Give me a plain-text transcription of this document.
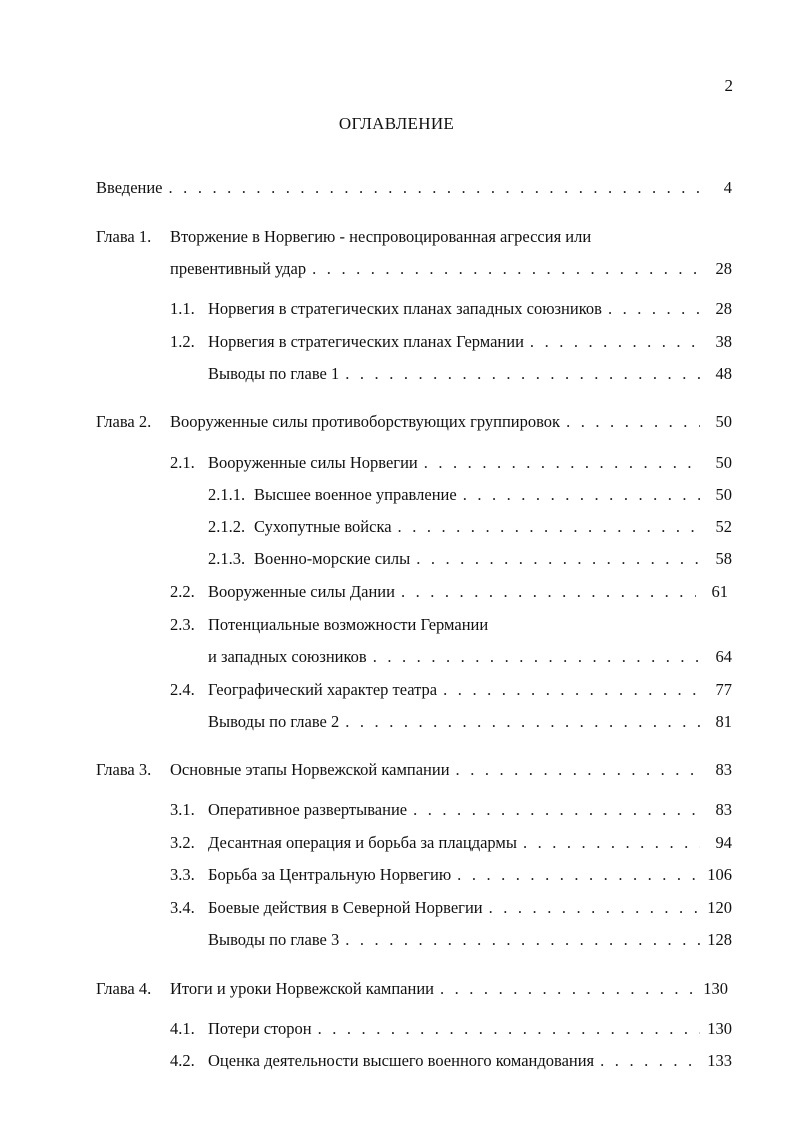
2
ОГЛАВЛЕНИЕ
Введение . . .	4
Глава 1.	Вторжение в Норвегию - неспровоцированная агрессия или
превентивный удар . . .	28
1.1. Норвегия в стратегических планах западных союзников . . .	28
1.2. Норвегия в стратегических планах Германии . . .	38
Выводы по главе 1 . . .	48
Глава 2.	Вооруженные силы противоборствующих группировок . . .	50
2.1. Вооруженные силы Норвегии . . .	50
2.1.1. Высшее военное управление . . .	50
2.1.2. Сухопутные войска . . .	52
2.1.3. Военно-морские силы . . .	58
2.2. Вооруженные силы Дании . . .	61
2.3. Потенциальные возможности Германии
и западных союзников . . .	64
2.4. Географический характер театра . . .	77
Выводы по главе 2 . . .	81
Глава 3.	Основные этапы Норвежской кампании . . .	83
3.1. Оперативное развертывание . . .	83
3.2. Десантная операция и борьба за плацдармы . . .	94
3.3. Борьба за Центральную Норвегию . . .	106
3.4. Боевые действия в Северной Норвегии . . .	120
Выводы по главе 3 . . .	128
Глава 4.	Итоги и уроки Норвежской кампании . . .	130
4.1. Потери сторон . . .	130
4.2. Оценка деятельности высшего военного командования . . .	133
